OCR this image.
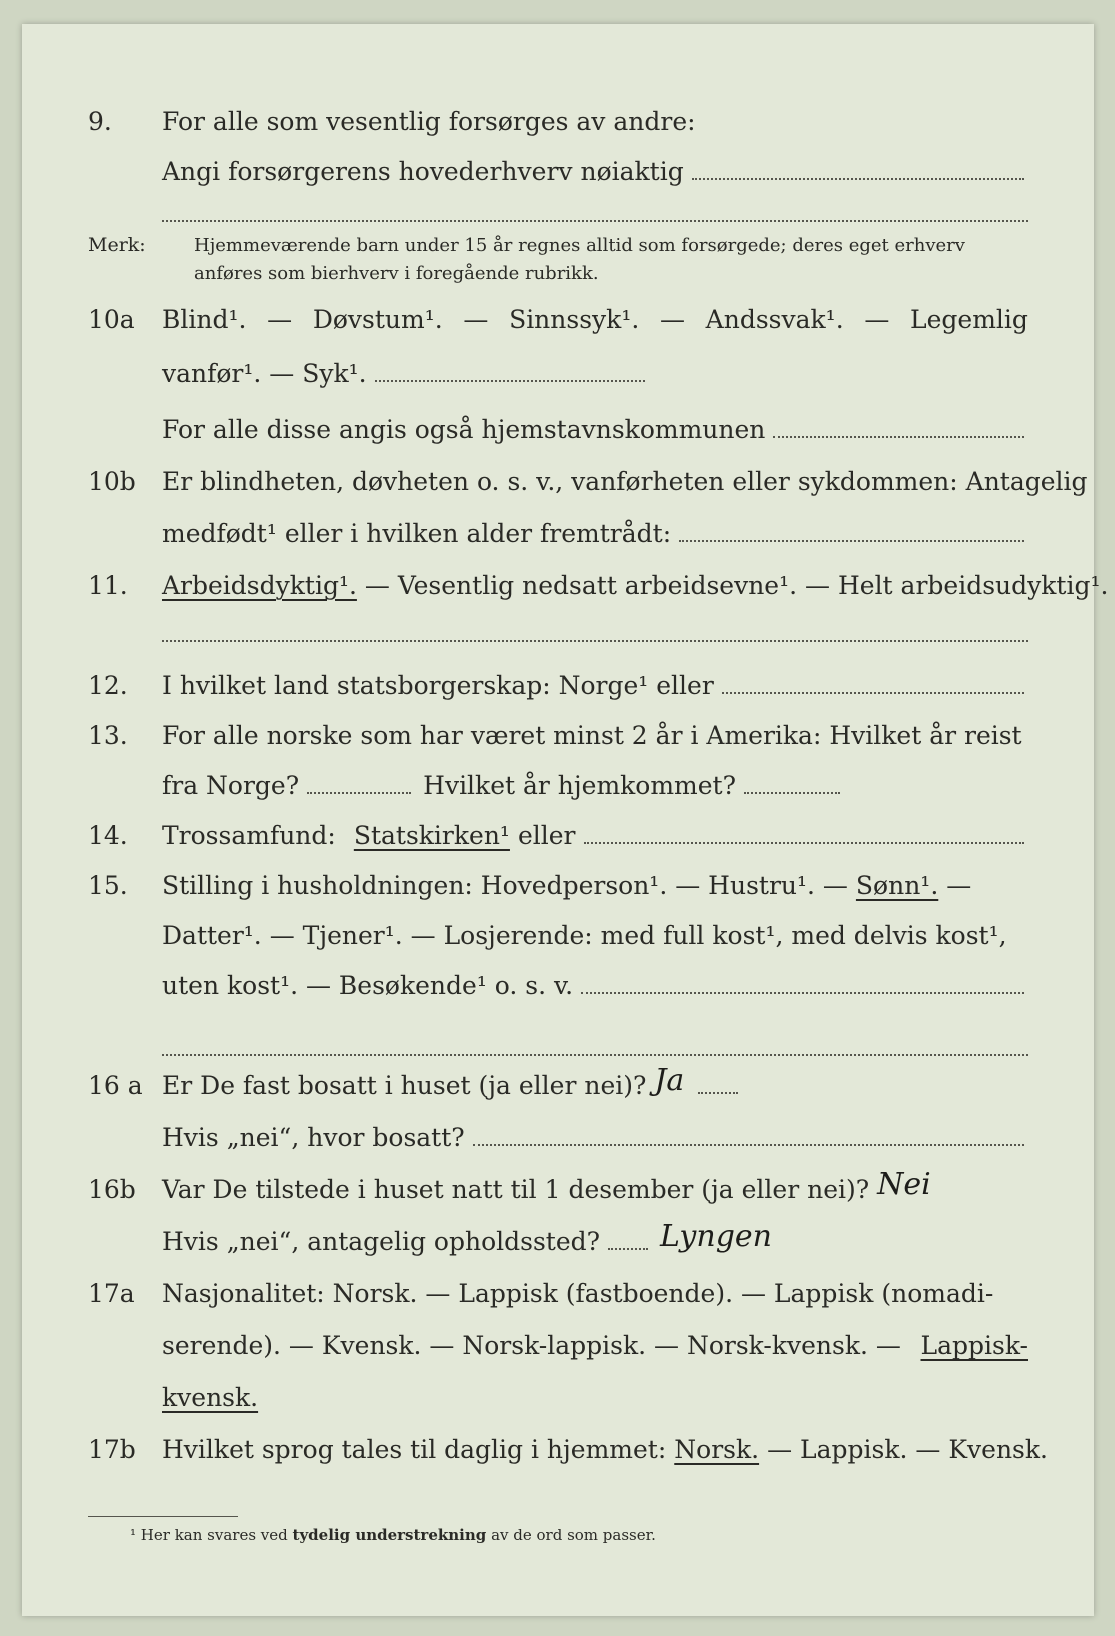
9.	For alle som vesentlig forsørges av andre:
Angi forsørgerens hovederhverv nøiaktig
Merk:	Hjemmeværende barn under 15 år regnes alltid som forsørgede; deres eget erhverv
anføres som bierhverv i foregående rubrikk.
10a	Blind¹. — Døvstum¹. — Sinnssyk¹. — Andssvak¹. — Legemlig
vanfør¹. — Syk¹.
For alle disse angis også hjemstavnskommunen
10b	Er blindheten, døvheten o. s. v., vanførheten eller sykdommen: Antagelig
medfødt¹ eller i hvilken alder fremtrådt:
11.	Arbeidsdyktig¹. — Vesentlig nedsatt arbeidsevne¹. — Helt arbeidsudyktig¹.
12.	I hvilket land statsborgerskap: Norge¹ eller
13.	For alle norske som har været minst 2 år i Amerika: Hvilket år reist
fra Norge?	Hvilket år hjemkommet?
14.	Trossamfund: Statskirken¹ eller
15.	Stilling i husholdningen: Hovedperson¹. — Hustru¹. — Sønn¹. —
Datter¹. — Tjener¹. — Losjerende: med full kost¹, med delvis kost¹,
uten kost¹. — Besøkende¹ o. s. v.
16 a Er De fast bosatt i huset (ja eller nei)? Ja
Hvis „nei“, hvor bosatt?
16b	Var De tilstede i huset natt til 1 desember (ja eller nei)? Nei
Hvis „nei“, antagelig opholdssted? Lyngen
17a	Nasjonalitet: Norsk. — Lappisk (fastboende). — Lappisk (nomadi-
serende). — Kvensk. — Norsk-lappisk. — Norsk-kvensk. — Lappisk-
kvensk.
17b	Hvilket sprog tales til daglig i hjemmet: Norsk. — Lappisk. — Kvensk.
¹ Her kan svares ved tydelig understrekning av de ord som passer.
